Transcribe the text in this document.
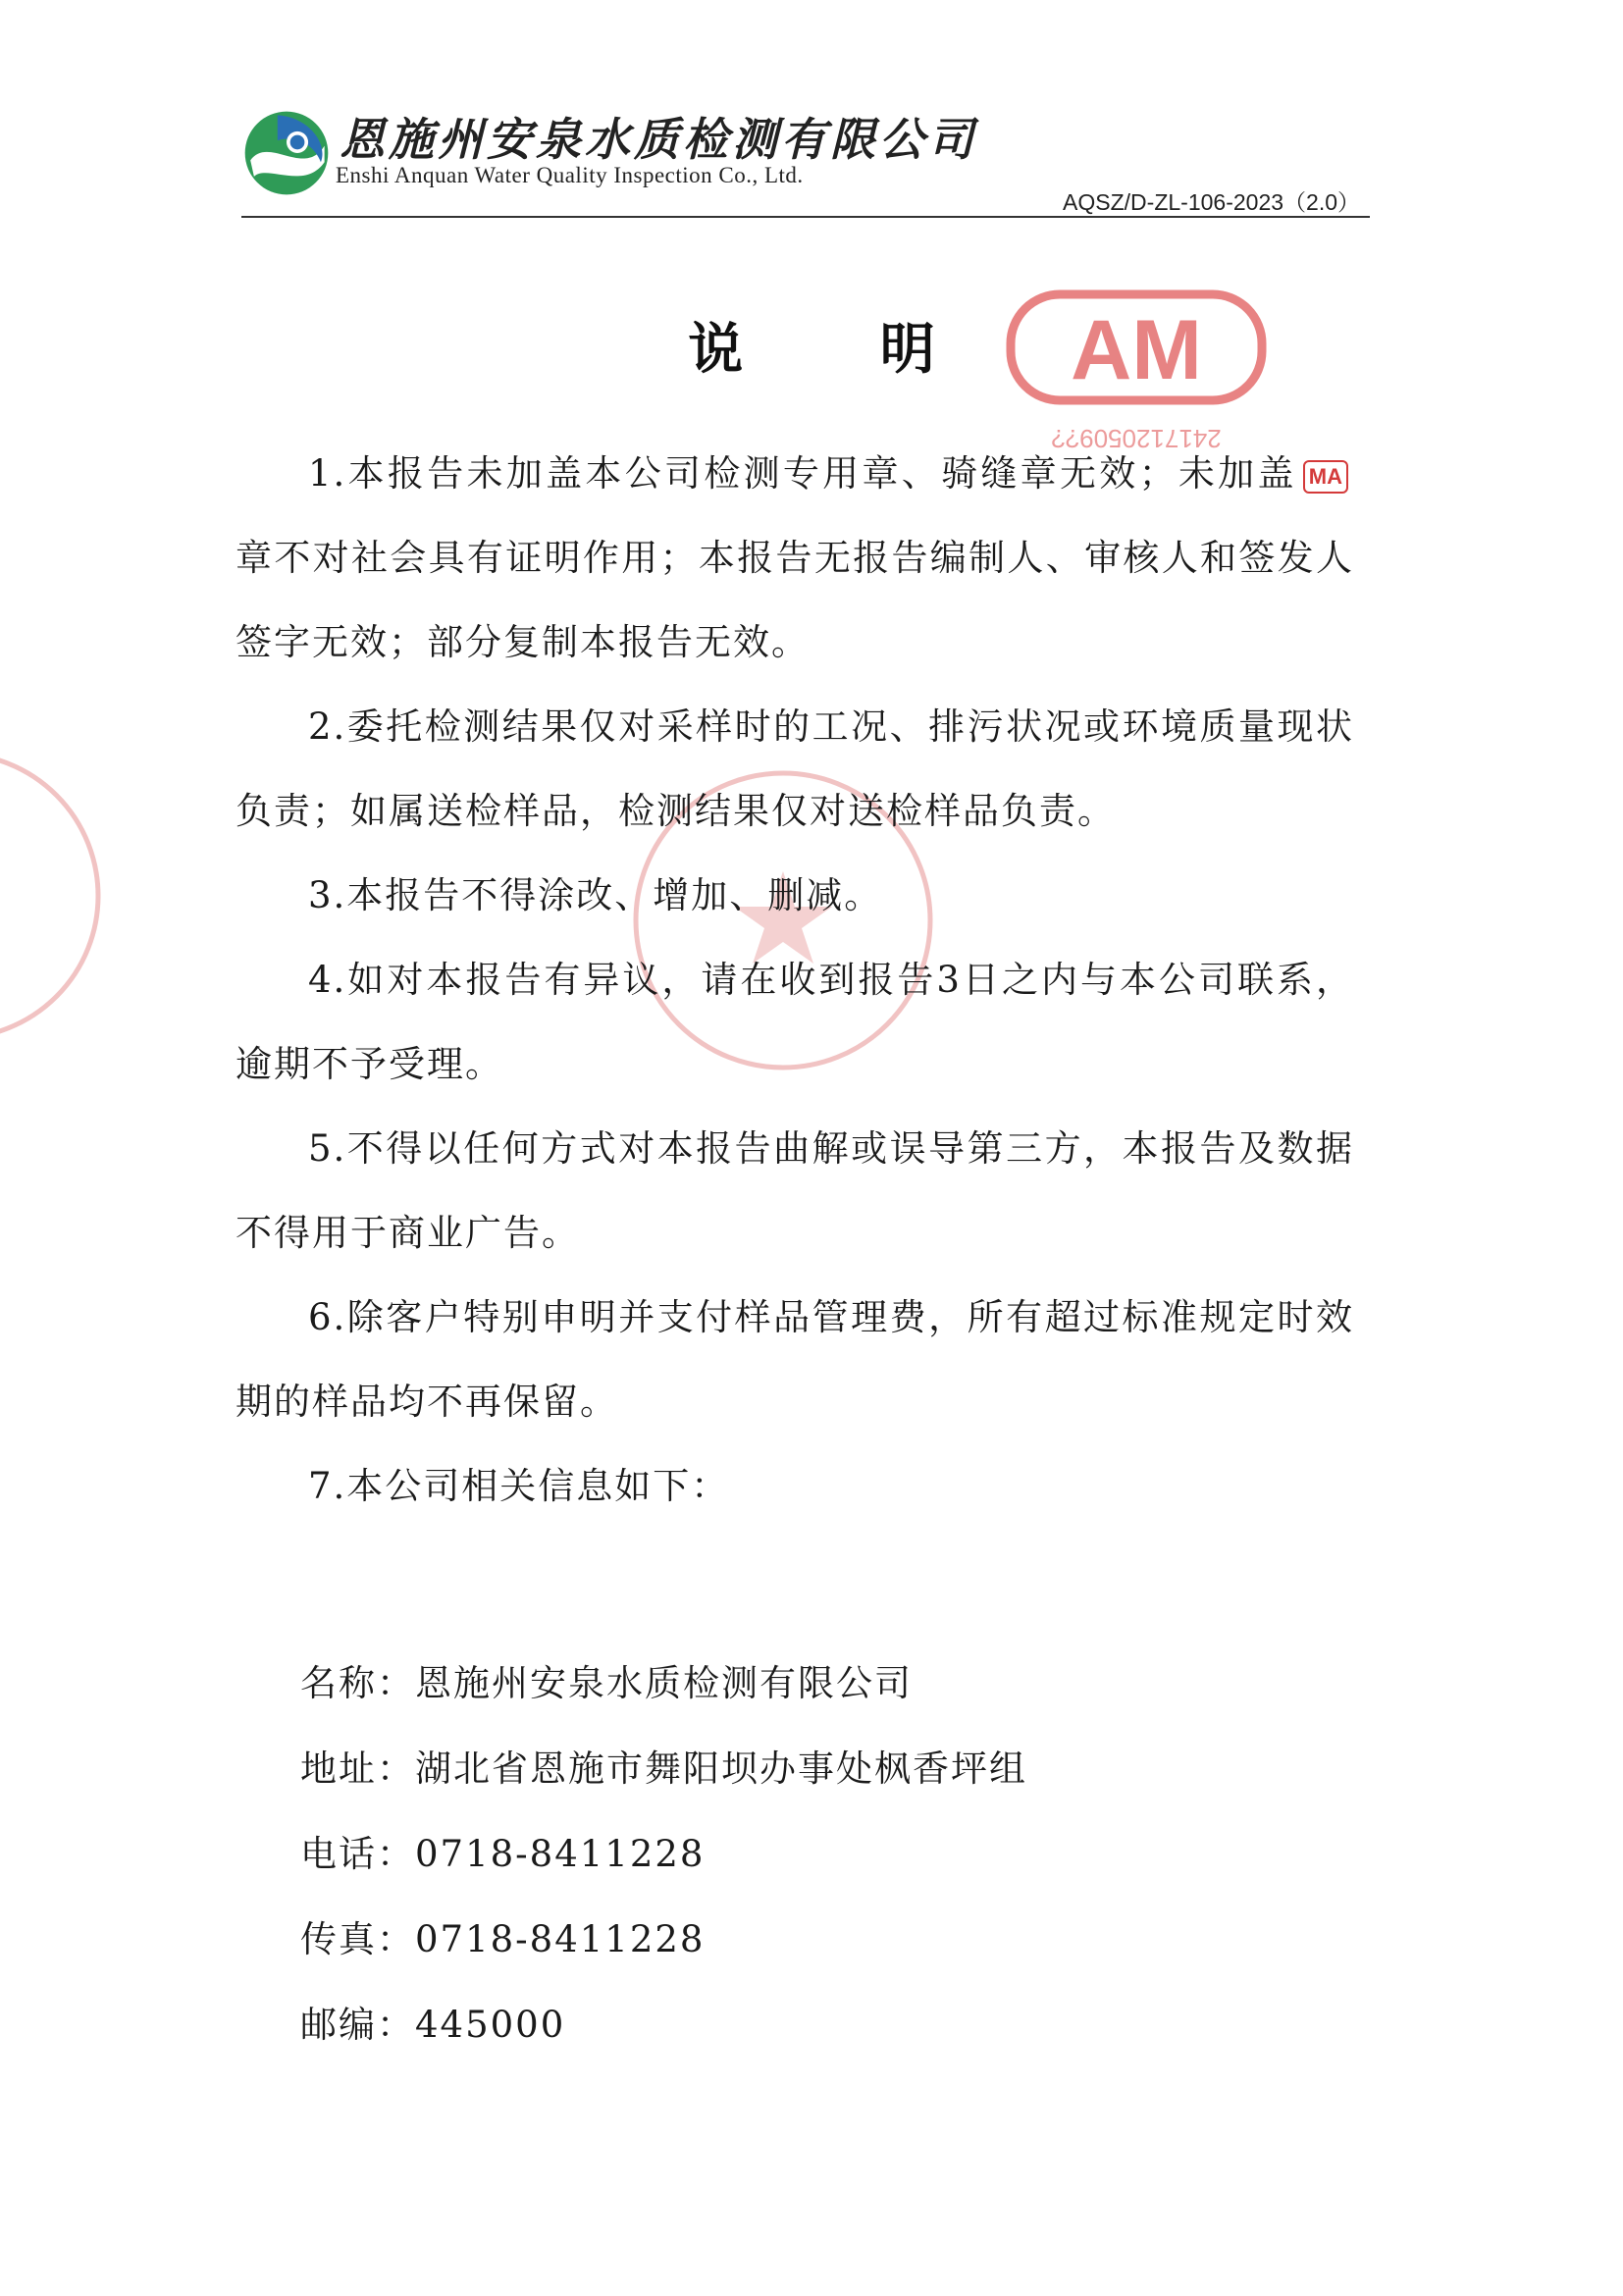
恩施州安泉水质检测有限公司
Enshi Anquan Water Quality Inspection Co., Ltd.
AQSZ/D-ZL-106-2023（2.0）
AM
2417120509??
说 明

1.本报告未加盖本公司检测专用章、骑缝章无效；未加盖 MA章不对社会具有证明作用；本报告无报告编制人、审核人和签发人签字无效；部分复制本报告无效。

2.委托检测结果仅对采样时的工况、排污状况或环境质量现状负责；如属送检样品，检测结果仅对送检样品负责。

3.本报告不得涂改、增加、删减。

4.如对本报告有异议，请在收到报告3日之内与本公司联系，逾期不予受理。

5.不得以任何方式对本报告曲解或误导第三方，本报告及数据不得用于商业广告。

6.除客户特别申明并支付样品管理费，所有超过标准规定时效期的样品均不再保留。

7.本公司相关信息如下：

名称： 恩施州安泉水质检测有限公司
地址： 湖北省恩施市舞阳坝办事处枫香坪组
电话： 0718-8411228
传真： 0718-8411228
邮编： 445000
